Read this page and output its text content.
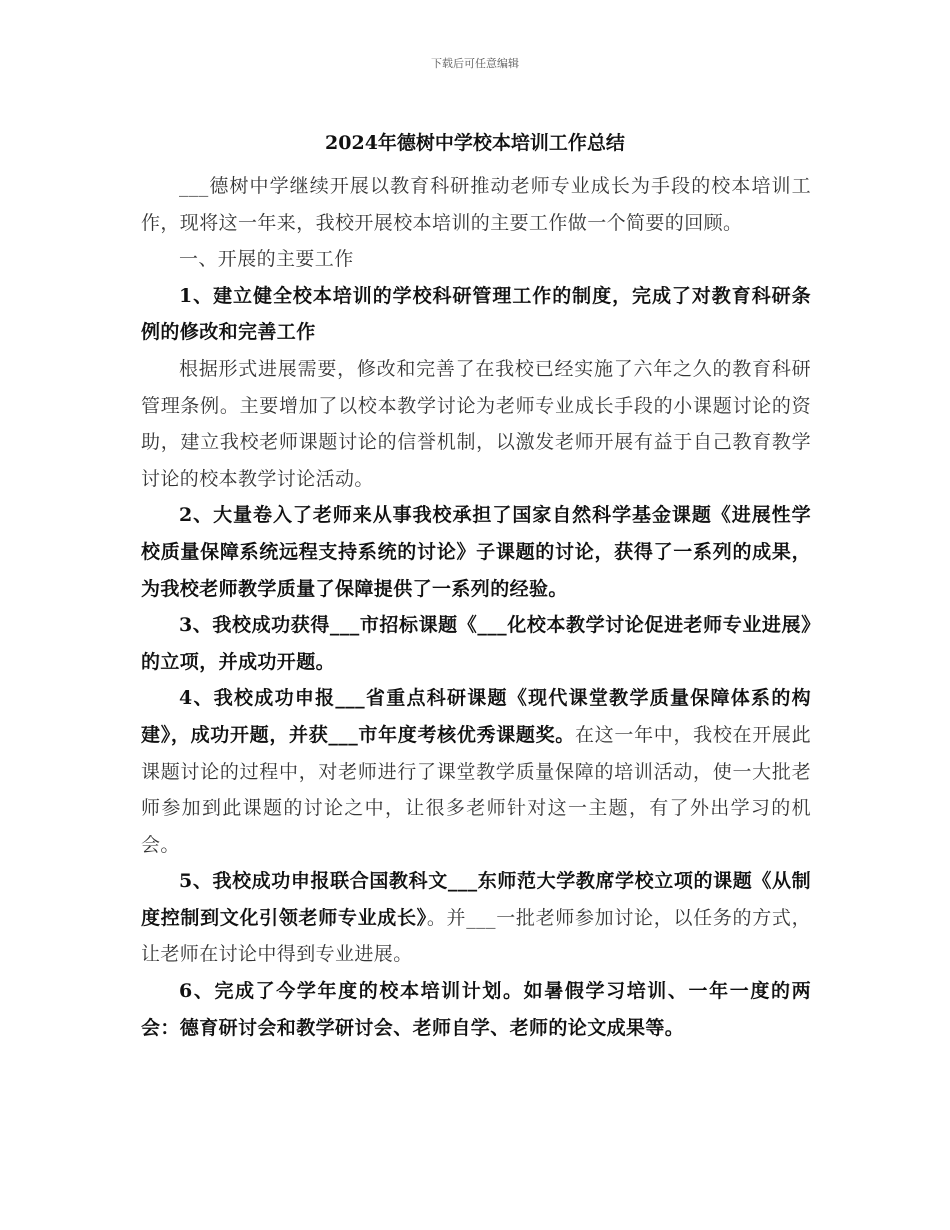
下载后可任意编辑
2024年德树中学校本培训工作总结

___德树中学继续开展以教育科研推动老师专业成长为手段的校本培训工作，现将这一年来，我校开展校本培训的主要工作做一个简要的回顾。

一、开展的主要工作

1、建立健全校本培训的学校科研管理工作的制度，完成了对教育科研条例的修改和完善工作

根据形式进展需要，修改和完善了在我校已经实施了六年之久的教育科研管理条例。主要增加了以校本教学讨论为老师专业成长手段的小课题讨论的资助，建立我校老师课题讨论的信誉机制，以激发老师开展有益于自己教育教学讨论的校本教学讨论活动。

2、大量卷入了老师来从事我校承担了国家自然科学基金课题《进展性学校质量保障系统远程支持系统的讨论》子课题的讨论，获得了一系列的成果，为我校老师教学质量了保障提供了一系列的经验。

3、我校成功获得___市招标课题《___化校本教学讨论促进老师专业进展》的立项，并成功开题。

4、我校成功申报___省重点科研课题《现代课堂教学质量保障体系的构建》，成功开题，并获___市年度考核优秀课题奖。在这一年中，我校在开展此课题讨论的过程中，对老师进行了课堂教学质量保障的培训活动，使一大批老师参加到此课题的讨论之中，让很多老师针对这一主题，有了外出学习的机会。

5、我校成功申报联合国教科文___东师范大学教席学校立项的课题《从制度控制到文化引领老师专业成长》。并___一批老师参加讨论，以任务的方式，让老师在讨论中得到专业进展。

6、完成了今学年度的校本培训计划。如暑假学习培训、一年一度的两会：德育研讨会和教学研讨会、老师自学、老师的论文成果等。
